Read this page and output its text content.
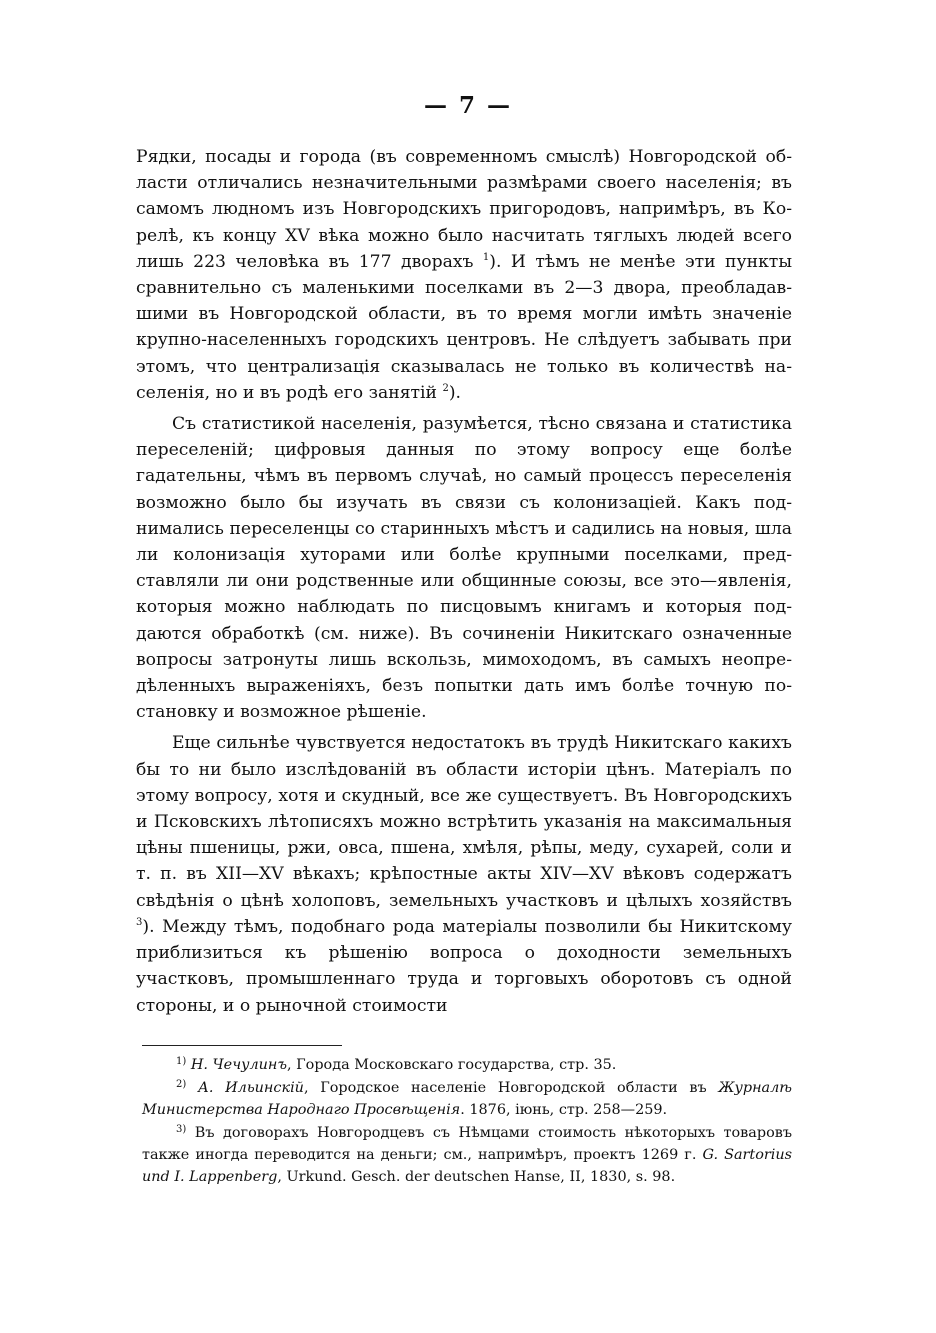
— 7 —

Рядки, посады и города (въ современномъ смыслѣ) Новгородской области отличались незначительными размѣрами своего населенія; въ самомъ людномъ изъ Новгородскихъ пригородовъ, напримѣръ, въ Корелѣ, къ концу XV вѣка можно было насчитать тяглыхъ людей всего лишь 223 человѣка въ 177 дворахъ $^1$). И тѣмъ не менѣе эти пункты сравнительно съ маленькими поселками въ 2—3 двора, преобладавшими въ Новгородской области, въ то время могли имѣть значеніе крупно-населенныхъ городскихъ центровъ. Не слѣдуетъ забывать при этомъ, что централизація сказывалась не только въ количествѣ населенія, но и въ родѣ его занятій $^2$).

Съ статистикой населенія, разумѣется, тѣсно связана и статистика переселеній; цифровыя данныя по этому вопросу еще болѣе гадательны, чѣмъ въ первомъ случаѣ, но самый процессъ переселенія возможно было бы изучать въ связи съ колонизаціей. Какъ поднимались переселенцы со старинныхъ мѣстъ и садились на новыя, шла ли колонизація хуторами или болѣе крупными поселками, представляли ли они родственные или общинные союзы, все это—явленія, которыя можно наблюдать по писцовымъ книгамъ и которыя поддаются обработкѣ (см. ниже). Въ сочиненіи Никитскаго означенные вопросы затронуты лишь вскользь, мимоходомъ, въ самыхъ неопредѣленныхъ выраженіяхъ, безъ попытки дать имъ болѣе точную постановку и возможное рѣшеніе.

Еще сильнѣе чувствуется недостатокъ въ трудѣ Никитскаго какихъ бы то ни было изслѣдованій въ области исторіи цѣнъ. Матеріалъ по этому вопросу, хотя и скудный, все же существуетъ. Въ Новгородскихъ и Псковскихъ лѣтописяхъ можно встрѣтить указанія на максимальныя цѣны пшеницы, ржи, овса, пшена, хмѣля, рѣпы, меду, сухарей, соли и т. п. въ XII—XV вѣкахъ; крѣпостные акты XIV—XV вѣковъ содержатъ свѣдѣнія о цѣнѣ холоповъ, земельныхъ участковъ и цѣлыхъ хозяйствъ $^3$). Между тѣмъ, подобнаго рода матеріалы позволили бы Никитскому приблизиться къ рѣшенію вопроса о доходности земельныхъ участковъ, промышленнаго труда и торговыхъ оборотовъ съ одной стороны, и о рыночной стоимости

$^{1)}$ Н. Чечулинъ, Города Московскаго государства, стр. 35.

$^{2)}$ А. Ильинскій, Городское населеніе Новгородской области въ Журналѣ Министерства Народнаго Просвѣщенія. 1876, іюнь, стр. 258—259.

$^{3)}$ Въ договорахъ Новгородцевъ съ Нѣмцами стоимость нѣкоторыхъ товаровъ также иногда переводится на деньги; см., напримѣръ, проектъ 1269 г. G. Sartorius und I. Lappenberg, Urkund. Gesch. der deutschen Hanse, II, 1830, s. 98.
